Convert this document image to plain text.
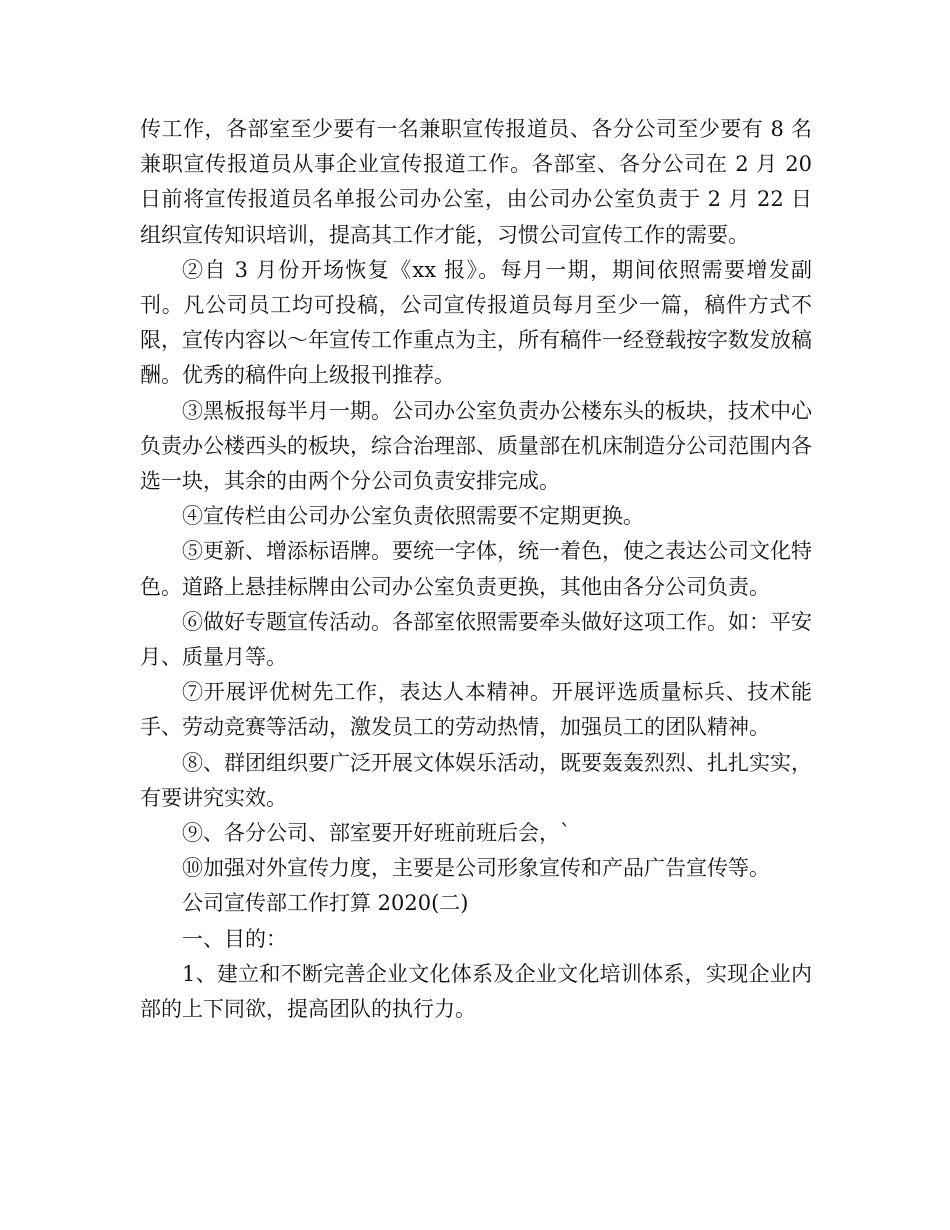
传工作，各部室至少要有一名兼职宣传报道员、各分公司至少要有 8 名兼职宣传报道员从事企业宣传报道工作。各部室、各分公司在 2 月 20 日前将宣传报道员名单报公司办公室，由公司办公室负责于 2 月 22 日组织宣传知识培训，提高其工作才能，习惯公司宣传工作的需要。

②自 3 月份开场恢复《xx 报》。每月一期，期间依照需要增发副刊。凡公司员工均可投稿，公司宣传报道员每月至少一篇，稿件方式不限，宣传内容以～年宣传工作重点为主，所有稿件一经登载按字数发放稿酬。优秀的稿件向上级报刊推荐。

③黑板报每半月一期。公司办公室负责办公楼东头的板块，技术中心负责办公楼西头的板块，综合治理部、质量部在机床制造分公司范围内各选一块，其余的由两个分公司负责安排完成。

④宣传栏由公司办公室负责依照需要不定期更换。

⑤更新、增添标语牌。要统一字体，统一着色，使之表达公司文化特色。道路上悬挂标牌由公司办公室负责更换，其他由各分公司负责。

⑥做好专题宣传活动。各部室依照需要牵头做好这项工作。如：平安月、质量月等。

⑦开展评优树先工作，表达人本精神。开展评选质量标兵、技术能手、劳动竞赛等活动，激发员工的劳动热情，加强员工的团队精神。

⑧、群团组织要广泛开展文体娱乐活动，既要轰轰烈烈、扎扎实实，有要讲究实效。

⑨、各分公司、部室要开好班前班后会，`

⑩加强对外宣传力度，主要是公司形象宣传和产品广告宣传等。

公司宣传部工作打算 2020(二)

一、目的：

1、建立和不断完善企业文化体系及企业文化培训体系，实现企业内部的上下同欲，提高团队的执行力。
